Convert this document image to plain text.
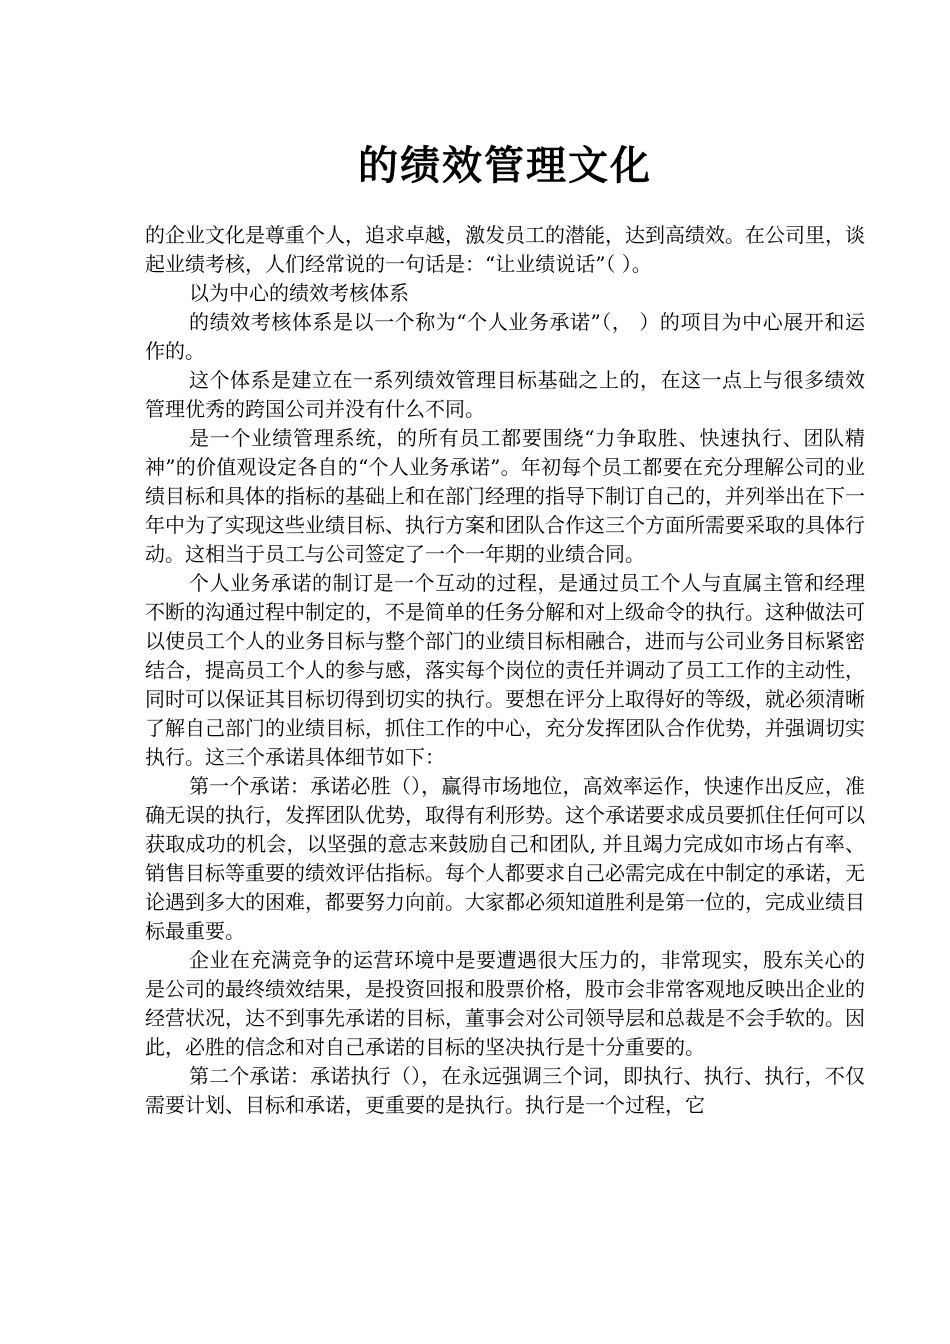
的绩效管理文化

的企业文化是尊重个人，追求卓越，激发员工的潜能，达到高绩效。在公司里，谈起业绩考核，人们经常说的一句话是：“让业绩说话”（ ）。

以为中心的绩效考核体系

的绩效考核体系是以一个称为“个人业务承诺”（， ）的项目为中心展开和运作的。

这个体系是建立在一系列绩效管理目标基础之上的，在这一点上与很多绩效管理优秀的跨国公司并没有什么不同。

是一个业绩管理系统，的所有员工都要围绕“力争取胜、快速执行、团队精神”的价值观设定各自的“个人业务承诺”。年初每个员工都要在充分理解公司的业绩目标和具体的指标的基础上和在部门经理的指导下制订自己的，并列举出在下一年中为了实现这些业绩目标、执行方案和团队合作这三个方面所需要采取的具体行动。这相当于员工与公司签定了一个一年期的业绩合同。

个人业务承诺的制订是一个互动的过程，是通过员工个人与直属主管和经理不断的沟通过程中制定的，不是简单的任务分解和对上级命令的执行。这种做法可以使员工个人的业务目标与整个部门的业绩目标相融合，进而与公司业务目标紧密结合，提高员工个人的参与感，落实每个岗位的责任并调动了员工工作的主动性，同时可以保证其目标切得到切实的执行。要想在评分上取得好的等级，就必须清晰了解自己部门的业绩目标，抓住工作的中心，充分发挥团队合作优势，并强调切实执行。这三个承诺具体细节如下：

第一个承诺：承诺必胜（），赢得市场地位，高效率运作，快速作出反应，准确无误的执行，发挥团队优势，取得有利形势。这个承诺要求成员要抓住任何可以获取成功的机会，以坚强的意志来鼓励自己和团队, 并且竭力完成如市场占有率、销售目标等重要的绩效评估指标。每个人都要求自己必需完成在中制定的承诺，无论遇到多大的困难，都要努力向前。大家都必须知道胜利是第一位的，完成业绩目标最重要。

企业在充满竞争的运营环境中是要遭遇很大压力的，非常现实，股东关心的是公司的最终绩效结果，是投资回报和股票价格，股市会非常客观地反映出企业的经营状况，达不到事先承诺的目标，董事会对公司领导层和总裁是不会手软的。因此，必胜的信念和对自己承诺的目标的坚决执行是十分重要的。

第二个承诺：承诺执行（），在永远强调三个词，即执行、执行、执行，不仅需要计划、目标和承诺，更重要的是执行。执行是一个过程，它
